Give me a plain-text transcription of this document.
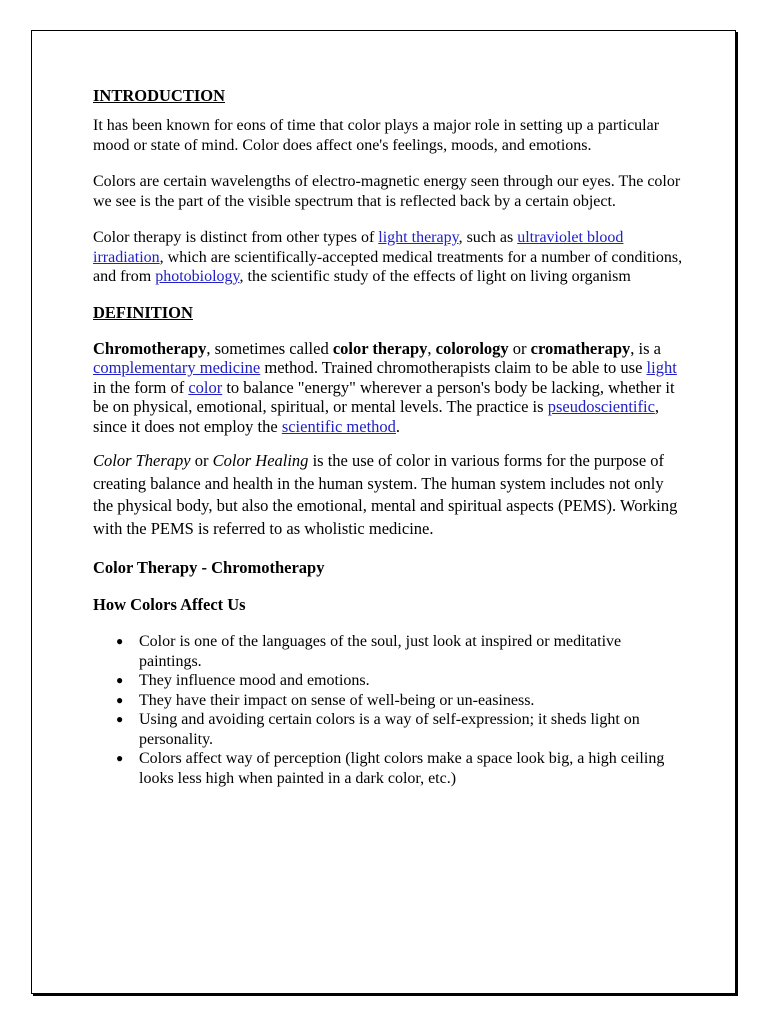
INTRODUCTION

It has been known for eons of time that color plays a major role in setting up a particular mood or state of mind. Color does affect one's feelings, moods, and emotions.

Colors are certain wavelengths of electro-magnetic energy seen through our eyes. The color we see is the part of the visible spectrum that is reflected back by a certain object.

Color therapy is distinct from other types of light therapy, such as ultraviolet blood irradiation, which are scientifically-accepted medical treatments for a number of conditions, and from photobiology, the scientific study of the effects of light on living organism

DEFINITION

Chromotherapy, sometimes called color therapy, colorology or cromatherapy, is a complementary medicine method. Trained chromotherapists claim to be able to use light in the form of color to balance "energy" wherever a person's body be lacking, whether it be on physical, emotional, spiritual, or mental levels. The practice is pseudoscientific, since it does not employ the scientific method.

Color Therapy or Color Healing is the use of color in various forms for the purpose of creating balance and health in the human system. The human system includes not only the physical body, but also the emotional, mental and spiritual aspects (PEMS). Working with the PEMS is referred to as wholistic medicine.

Color Therapy - Chromotherapy
How Colors Affect Us
● Color is one of the languages of the soul, just look at inspired or meditative paintings.
● They influence mood and emotions.
● They have their impact on sense of well-being or un-easiness.
● Using and avoiding certain colors is a way of self-expression; it sheds light on personality.
● Colors affect way of perception (light colors make a space look big, a high ceiling looks less high when painted in a dark color, etc.)
